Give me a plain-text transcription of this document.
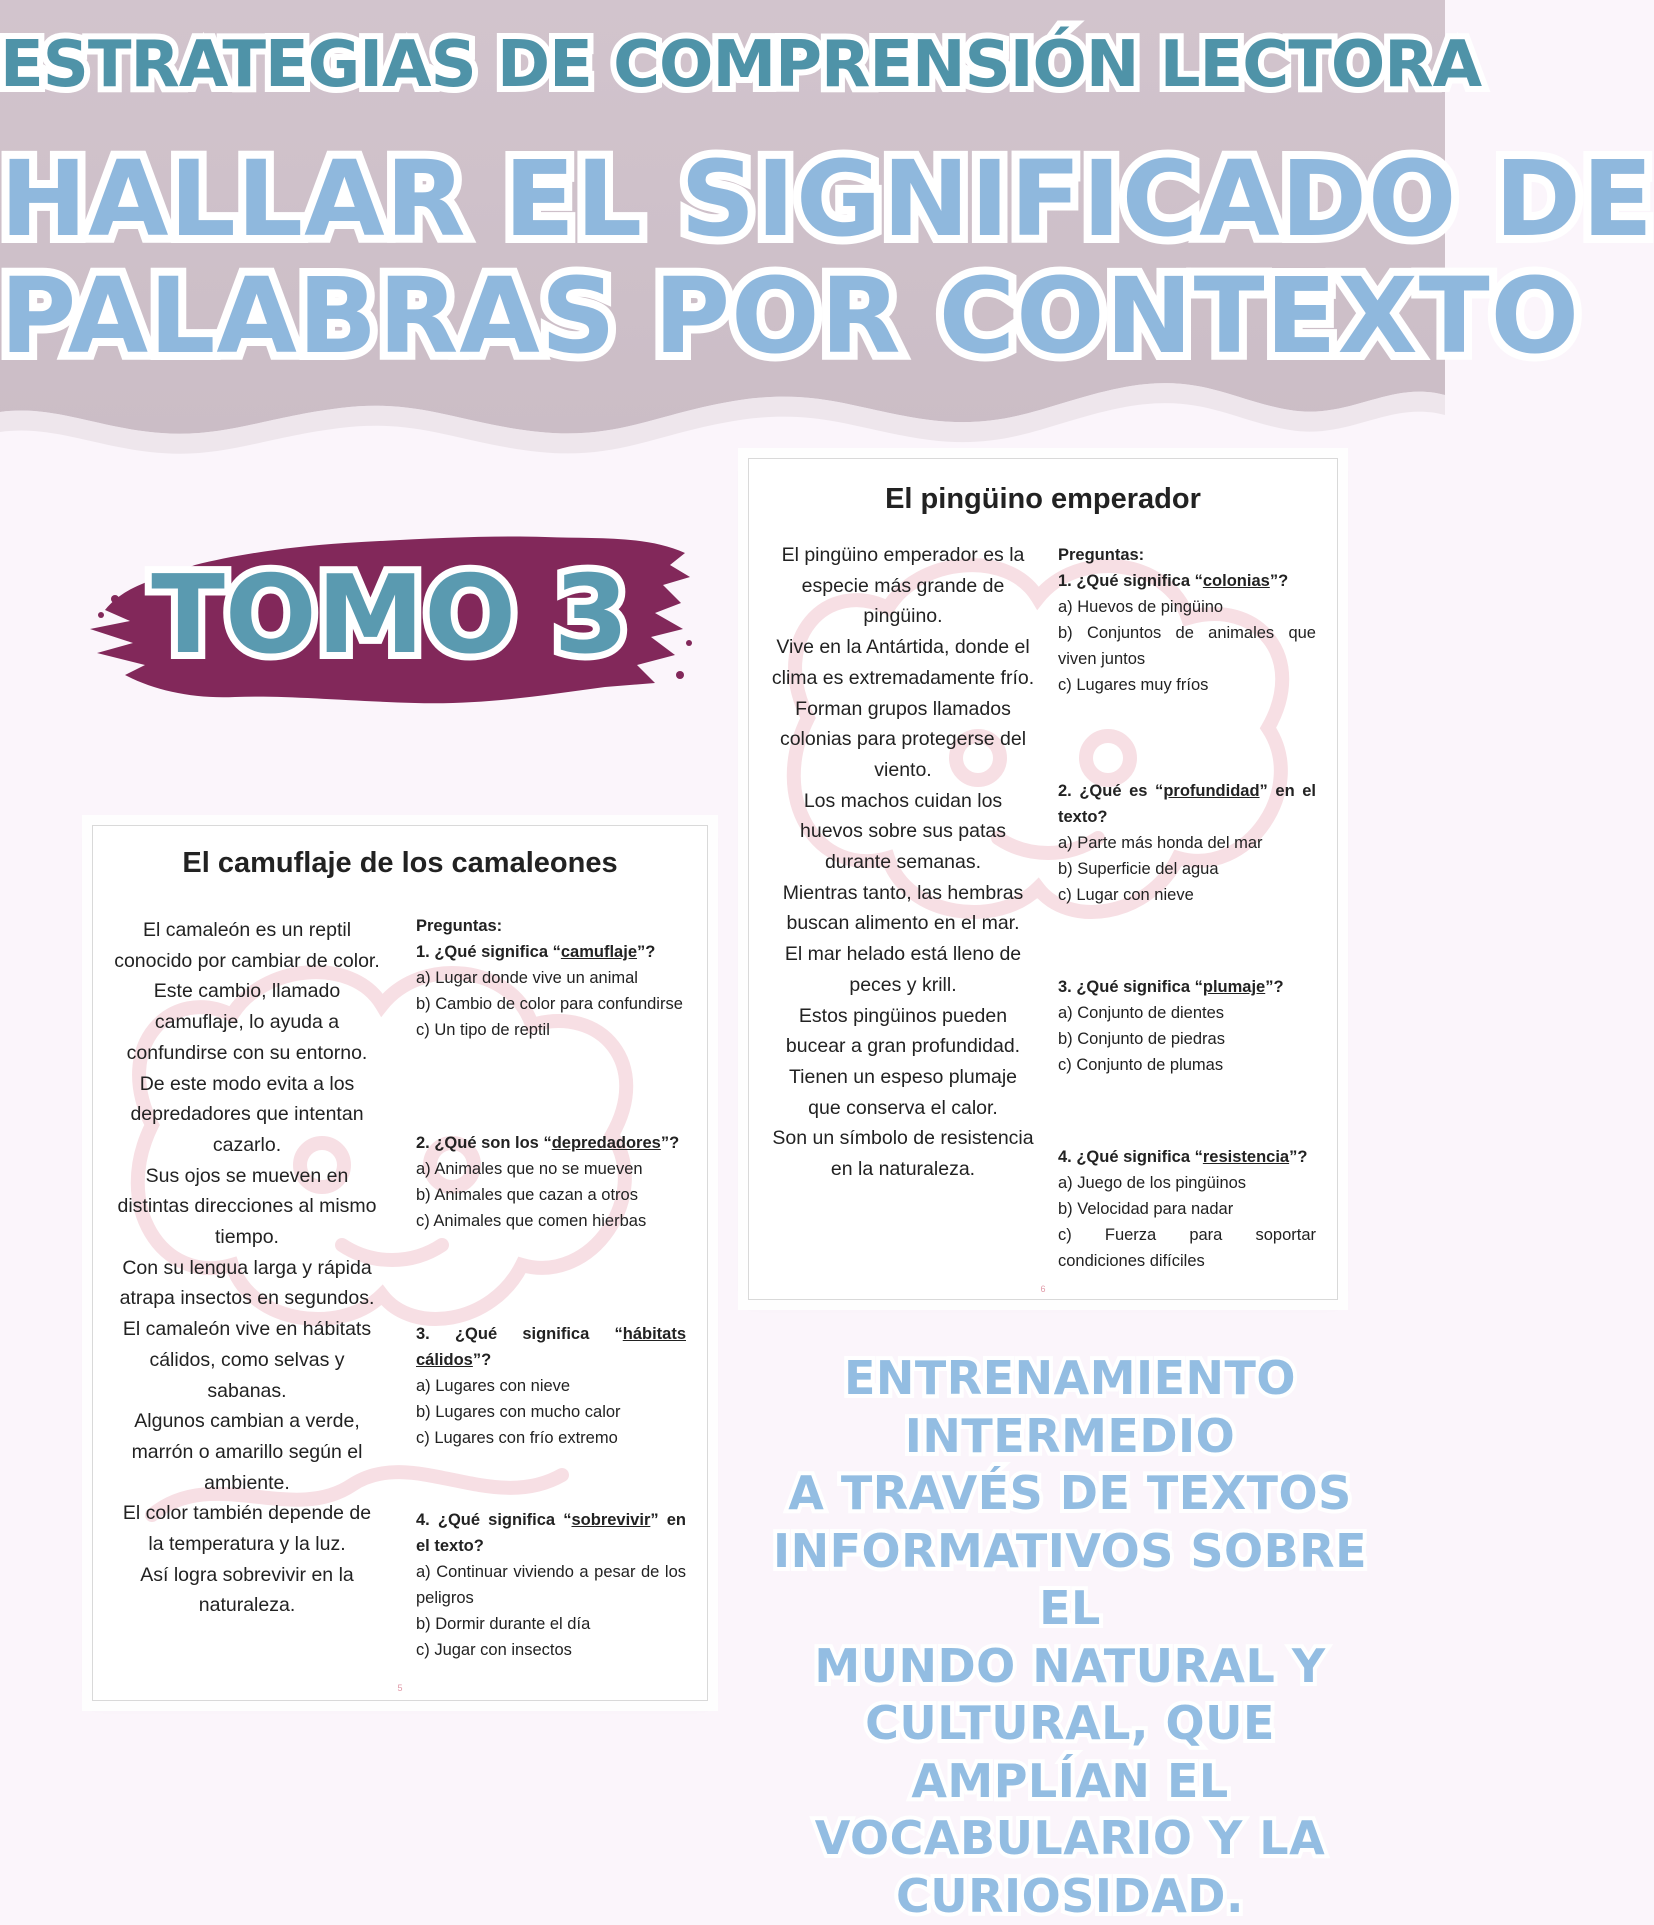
ESTRATEGIAS DE COMPRENSIÓN LECTORA
HALLAR EL SIGNIFICADO DE
PALABRAS POR CONTEXTO
TOMO 3
El pingüino emperador
El pingüino emperador es la
especie más grande de
pingüino.
Vive en la Antártida, donde el
clima es extremadamente frío.
Forman grupos llamados
colonias para protegerse del
viento.
Los machos cuidan los
huevos sobre sus patas
durante semanas.
Mientras tanto, las hembras
buscan alimento en el mar.
El mar helado está lleno de
peces y krill.
Estos pingüinos pueden
bucear a gran profundidad.
Tienen un espeso plumaje
que conserva el calor.
Son un símbolo de resistencia
en la naturaleza.
Preguntas:
1. ¿Qué significa “colonias”?
a) Huevos de pingüino
b) Conjuntos de animales que viven juntos
c) Lugares muy fríos
2. ¿Qué es “profundidad” en el texto?
a) Parte más honda del mar
b) Superficie del agua
c) Lugar con nieve
3. ¿Qué significa “plumaje”?
a) Conjunto de dientes
b) Conjunto de piedras
c) Conjunto de plumas
4. ¿Qué significa “resistencia”?
a) Juego de los pingüinos
b) Velocidad para nadar
c) Fuerza para soportar condiciones difíciles
6
El camuflaje de los camaleones
El camaleón es un reptil
conocido por cambiar de color.
Este cambio, llamado
camuflaje, lo ayuda a
confundirse con su entorno.
De este modo evita a los
depredadores que intentan
cazarlo.
Sus ojos se mueven en
distintas direcciones al mismo
tiempo.
Con su lengua larga y rápida
atrapa insectos en segundos.
El camaleón vive en hábitats
cálidos, como selvas y
sabanas.
Algunos cambian a verde,
marrón o amarillo según el
ambiente.
El color también depende de
la temperatura y la luz.
Así logra sobrevivir en la
naturaleza.
Preguntas:
1. ¿Qué significa “camuflaje”?
a) Lugar donde vive un animal
b) Cambio de color para confundirse
c) Un tipo de reptil
2. ¿Qué son los “depredadores”?
a) Animales que no se mueven
b) Animales que cazan a otros
c) Animales que comen hierbas
3. ¿Qué significa “hábitats cálidos”?
a) Lugares con nieve
b) Lugares con mucho calor
c) Lugares con frío extremo
4. ¿Qué significa “sobrevivir” en el texto?
a) Continuar viviendo a pesar de los peligros
b) Dormir durante el día
c) Jugar con insectos
5
ENTRENAMIENTO INTERMEDIO
A TRAVÉS DE TEXTOS
INFORMATIVOS SOBRE EL
MUNDO NATURAL Y
CULTURAL, QUE AMPLÍAN EL
VOCABULARIO Y LA
CURIOSIDAD.
